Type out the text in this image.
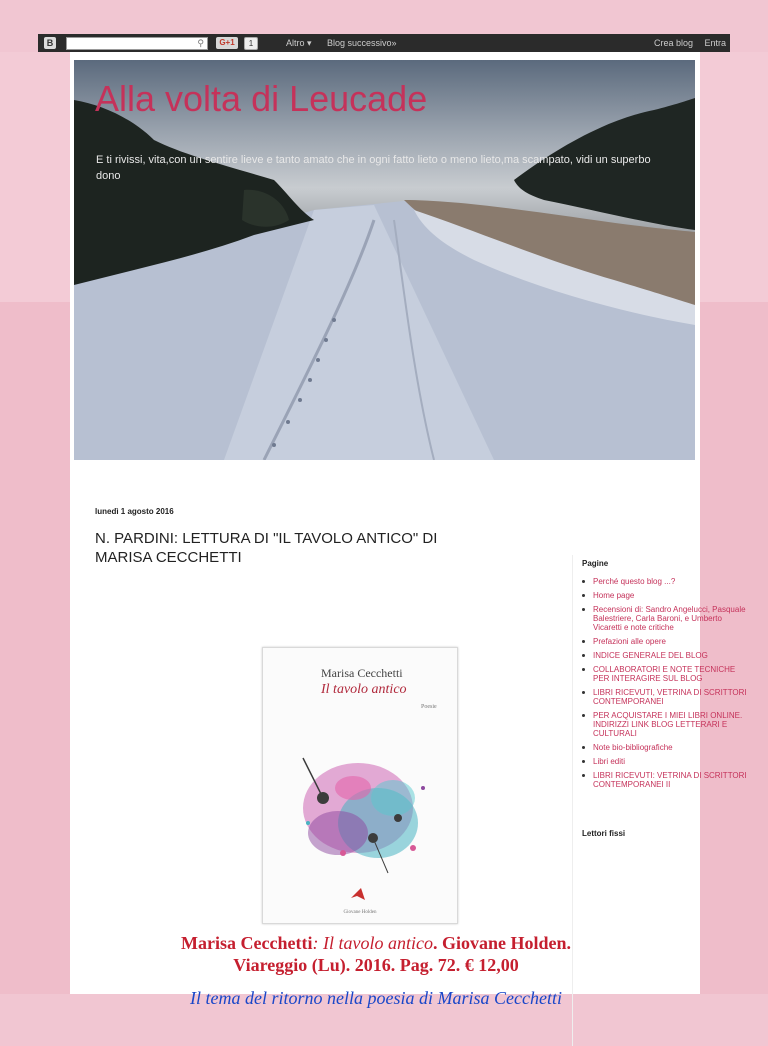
B	⚲	G+1	1	Altro ▾ Blog successivo»	Crea blog Entra
Alla volta di Leucade
E ti rivissi, vita,con un sentire lieve e tanto amato che in ogni fatto lieto o meno lieto,ma scampato, vidi un superbo dono
lunedì 1 agosto 2016
N. PARDINI: LETTURA DI "IL TAVOLO ANTICO" DI MARISA CECCHETTI
Marisa Cecchetti
Il tavolo antico
Poesie
Giovane Holden
Marisa Cecchetti: Il tavolo antico. Giovane Holden. Viareggio (Lu). 2016. Pag. 72. € 12,00
Il tema del ritorno nella poesia di Marisa Cecchetti
Pagine
Perché questo blog ...?
Home page
Recensioni di: Sandro Angelucci, Pasquale Balestriere, Carla Baroni, e Umberto Vicaretti e note critiche
Prefazioni alle opere
INDICE GENERALE DEL BLOG
COLLABORATORI E NOTE TECNICHE PER INTERAGIRE SUL BLOG
LIBRI RICEVUTI, VETRINA DI SCRITTORI CONTEMPORANEI
PER ACQUISTARE I MIEI LIBRI ONLINE. INDIRIZZI LINK BLOG LETTERARI E CULTURALI
Note bio-bibliografiche
Libri editi
LIBRI RICEVUTI: VETRINA DI SCRITTORI CONTEMPORANEI II
Lettori fissi
